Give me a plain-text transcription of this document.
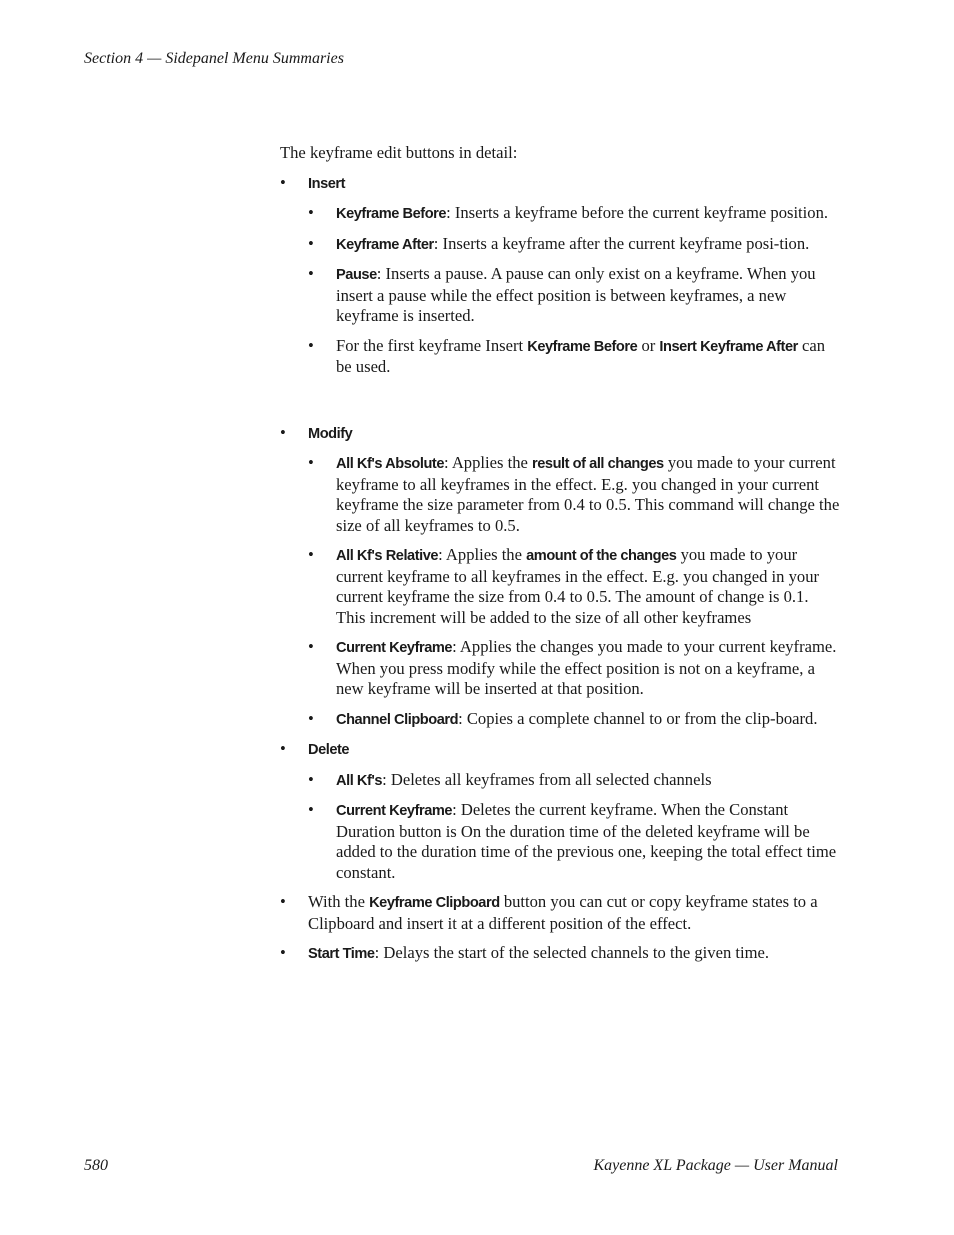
Section 4 — Sidepanel Menu Summaries

The keyframe edit buttons in detail:

•	Insert
•	Keyframe Before: Inserts a keyframe before the current keyframe position.
•	Keyframe After: Inserts a keyframe after the current keyframe posi-tion.
•	Pause: Inserts a pause. A pause can only exist on a keyframe. When you insert a pause while the effect position is between keyframes, a new keyframe is inserted.
•	For the first keyframe Insert Keyframe Before or Insert Keyframe After can be used.
•	Modify
•	All Kf's Absolute: Applies the result of all changes you made to your current keyframe to all keyframes in the effect. E.g. you changed in your current keyframe the size parameter from 0.4 to 0.5. This command will change the size of all keyframes to 0.5.
•	All Kf's Relative: Applies the amount of the changes you made to your current keyframe to all keyframes in the effect. E.g. you changed in your current keyframe the size from 0.4 to 0.5. The amount of change is 0.1. This increment will be added to the size of all other keyframes
•	Current Keyframe: Applies the changes you made to your current keyframe. When you press modify while the effect position is not on a keyframe, a new keyframe will be inserted at that position.
•	Channel Clipboard: Copies a complete channel to or from the clip-board.
•	Delete
•	All Kf's: Deletes all keyframes from all selected channels
•	Current Keyframe: Deletes the current keyframe. When the Constant Duration button is On the duration time of the deleted keyframe will be added to the duration time of the previous one, keeping the total effect time constant.
•	With the Keyframe Clipboard button you can cut or copy keyframe states to a Clipboard and insert it at a different position of the effect.
•	Start Time: Delays the start of the selected channels to the given time.
580	Kayenne XL Package — User Manual
